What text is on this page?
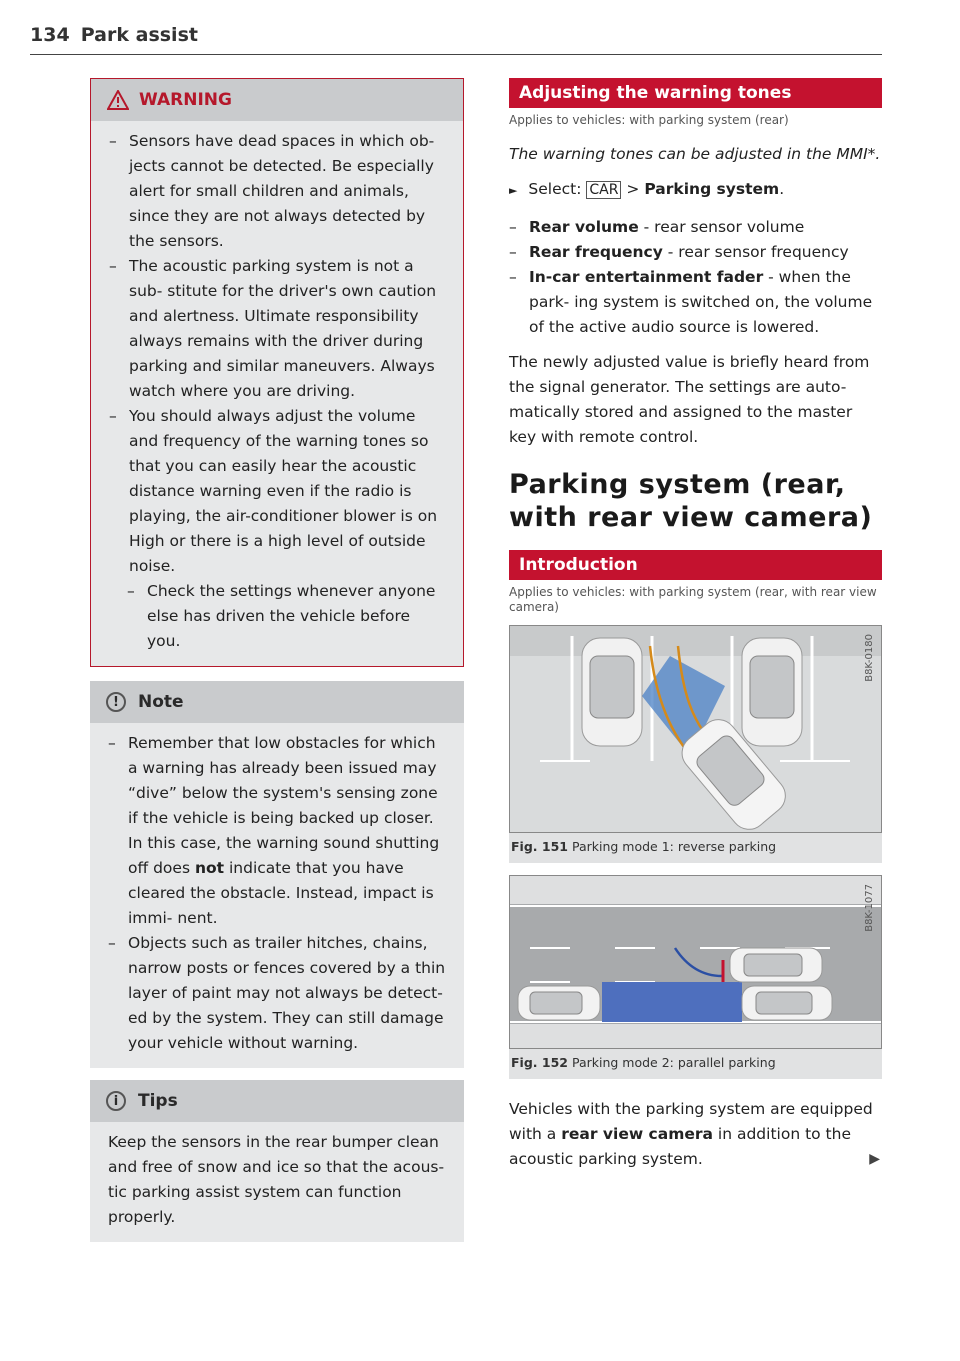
134 Park assist
WARNING
– Sensors have dead spaces in which ob- jects cannot be detected. Be especially alert for small children and animals, since they are not always detected by the sensors.
– The acoustic parking system is not a sub- stitute for the driver's own caution and alertness. Ultimate responsibility always remains with the driver during parking and similar maneuvers. Always watch where you are driving.
– You should always adjust the volume and frequency of the warning tones so that you can easily hear the acoustic distance warning even if the radio is playing, the air-conditioner blower is on High or there is a high level of outside noise.
– Check the settings whenever anyone else has driven the vehicle before you.
!	Note
– Remember that low obstacles for which a warning has already been issued may “dive” below the system's sensing zone if the vehicle is being backed up closer. In this case, the warning sound shutting off does not indicate that you have cleared the obstacle. Instead, impact is immi- nent.
– Objects such as trailer hitches, chains, narrow posts or fences covered by a thin layer of paint may not always be detect- ed by the system. They can still damage your vehicle without warning.
i	Tips

Keep the sensors in the rear bumper clean and free of snow and ice so that the acous- tic parking assist system can function properly.

Adjusting the warning tones

Applies to vehicles: with parking system (rear)

The warning tones can be adjusted in the MMI*.

► Select: CAR > Parking system.

– Rear volume - rear sensor volume
– Rear frequency - rear sensor frequency
– In-car entertainment fader - when the park- ing system is switched on, the volume of the active audio source is lowered.

The newly adjusted value is briefly heard from the signal generator. The settings are auto- matically stored and assigned to the master key with remote control.

Parking system (rear, with rear view camera)
Introduction

Applies to vehicles: with parking system (rear, with rear view camera)

B8K-0180
Fig. 151 Parking mode 1: reverse parking
B8K-1077
Fig. 152 Parking mode 2: parallel parking

Vehicles with the parking system are equipped with a rear view camera in addition to the acoustic parking system.	▶
